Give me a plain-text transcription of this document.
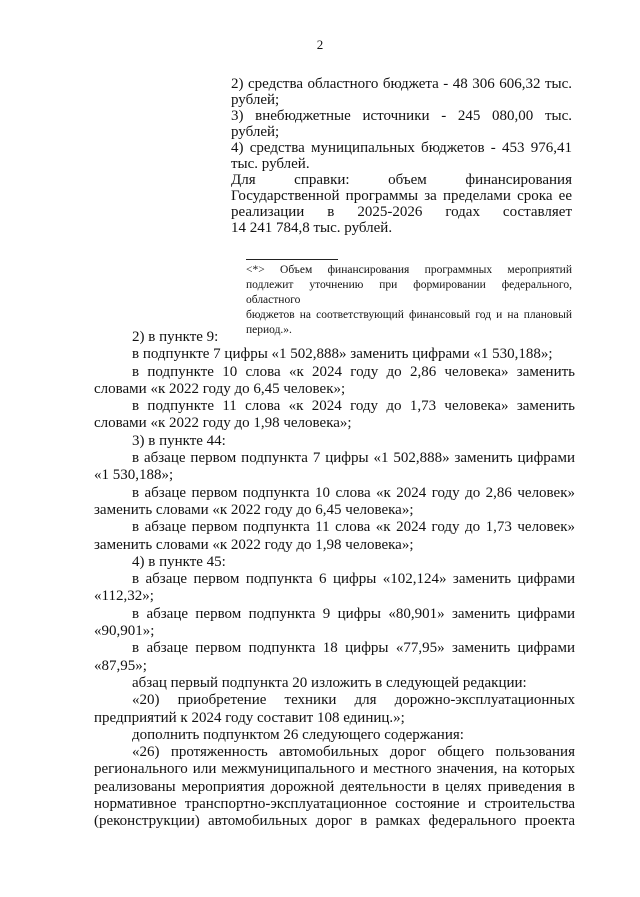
2
2) средства областного бюджета - 48 306 606,32 тыс.
рублей;
3) внебюджетные источники - 245 080,00 тыс.
рублей;
4) средства муниципальных бюджетов - 453 976,41
тыс. рублей.
Для справки: объем финансирования
Государственной программы за пределами срока ее
реализации в 2025-2026 годах составляет
14 241 784,8 тыс. рублей.
<*> Объем финансирования программных мероприятий
подлежит уточнению при формировании федерального, областного
бюджетов на соответствующий финансовый год и на плановый
период.».
2) в пункте 9:
в подпункте 7 цифры «1 502,888» заменить цифрами «1 530,188»;
в подпункте 10 слова «к 2024 году до 2,86 человека» заменить
словами «к 2022 году до 6,45 человек»;
в подпункте 11 слова «к 2024 году до 1,73 человека» заменить
словами «к 2022 году до 1,98 человека»;
3) в пункте 44:
в абзаце первом подпункта 7 цифры «1 502,888» заменить цифрами
«1 530,188»;
в абзаце первом подпункта 10 слова «к 2024 году до 2,86 человек»
заменить словами «к 2022 году до 6,45 человека»;
в абзаце первом подпункта 11 слова «к 2024 году до 1,73 человек»
заменить словами «к 2022 году до 1,98 человека»;
4) в пункте 45:
в абзаце первом подпункта 6 цифры «102,124» заменить цифрами
«112,32»;
в абзаце первом подпункта 9 цифры «80,901» заменить цифрами
«90,901»;
в абзаце первом подпункта 18 цифры «77,95» заменить цифрами
«87,95»;
абзац первый подпункта 20 изложить в следующей редакции:
«20) приобретение техники для дорожно-эксплуатационных
предприятий к 2024 году составит 108 единиц.»;
дополнить подпунктом 26 следующего содержания:
«26) протяженность автомобильных дорог общего пользования
регионального или межмуниципального и местного значения, на которых
реализованы мероприятия дорожной деятельности в целях приведения в
нормативное транспортно-эксплуатационное состояние и строительства
(реконструкции) автомобильных дорог в рамках федерального проекта
